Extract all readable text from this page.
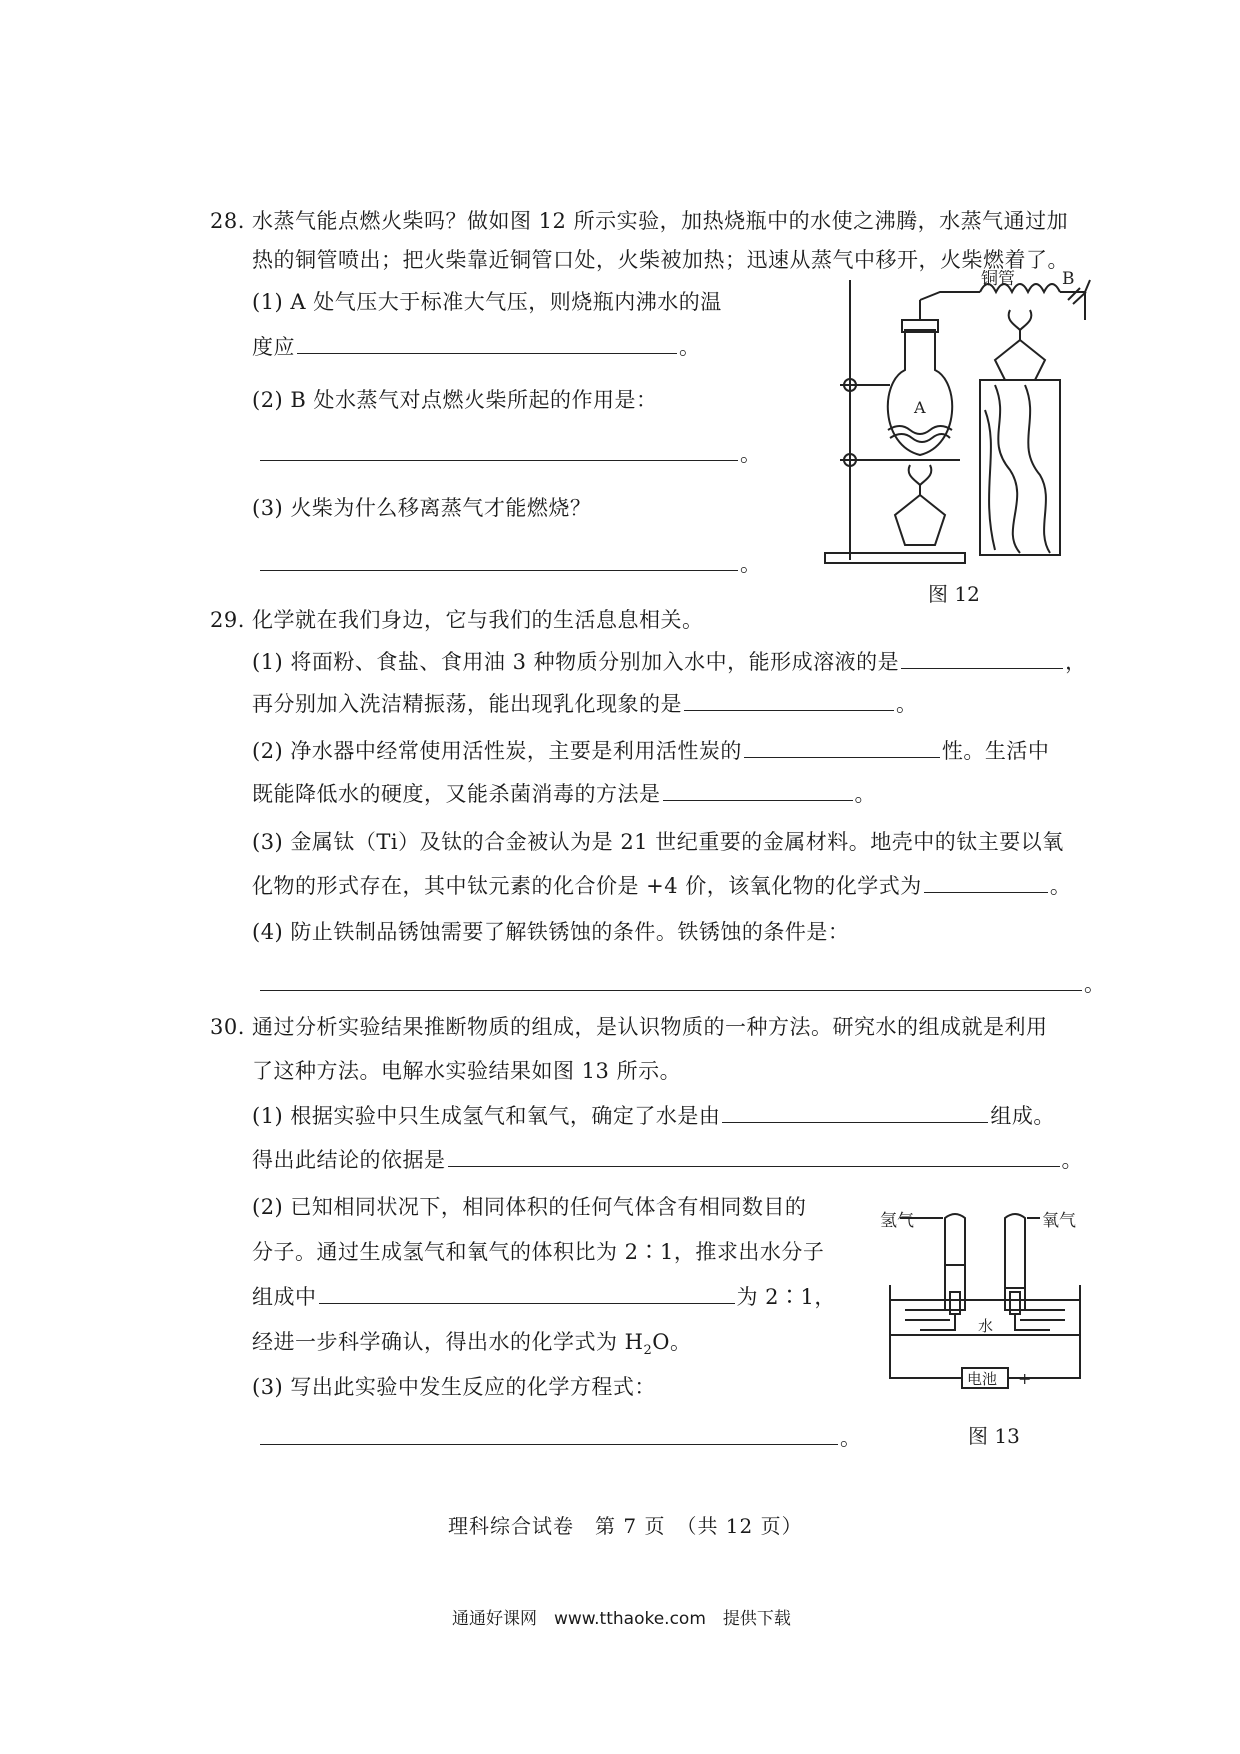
28. 水蒸气能点燃火柴吗？做如图 12 所示实验，加热烧瓶中的水使之沸腾，水蒸气通过加
热的铜管喷出；把火柴靠近铜管口处，火柴被加热；迅速从蒸气中移开，火柴燃着了。
(1) A 处气压大于标准大气压，则烧瓶内沸水的温
度应	。
(2) B 处水蒸气对点燃火柴所起的作用是：
。
(3) 火柴为什么移离蒸气才能燃烧？
。
铜管	B
A
图 12
29. 化学就在我们身边，它与我们的生活息息相关。
(1) 将面粉、食盐、食用油 3 种物质分别加入水中，能形成溶液的是	，
再分别加入洗洁精振荡，能出现乳化现象的是	。
(2) 净水器中经常使用活性炭，主要是利用活性炭的	性。生活中
既能降低水的硬度，又能杀菌消毒的方法是	。
(3) 金属钛（Ti）及钛的合金被认为是 21 世纪重要的金属材料。地壳中的钛主要以氧
化物的形式存在，其中钛元素的化合价是 +4 价，该氧化物的化学式为	。
(4) 防止铁制品锈蚀需要了解铁锈蚀的条件。铁锈蚀的条件是：
。
30. 通过分析实验结果推断物质的组成，是认识物质的一种方法。研究水的组成就是利用
了这种方法。电解水实验结果如图 13 所示。
(1) 根据实验中只生成氢气和氧气，确定了水是由	组成。
得出此结论的依据是	。
(2) 已知相同状况下，相同体积的任何气体含有相同数目的
分子。通过生成氢气和氧气的体积比为 2∶1，推求出水分子
组成中	为 2∶1，
经进一步科学确认，得出水的化学式为 $H_2O$。
(3) 写出此实验中发生反应的化学方程式：
。
氢气	氧气
水
电池
－	+
图 13
理科综合试卷　第 7 页　（共 12 页）
通通好课网　www.tthaoke.com　提供下载
